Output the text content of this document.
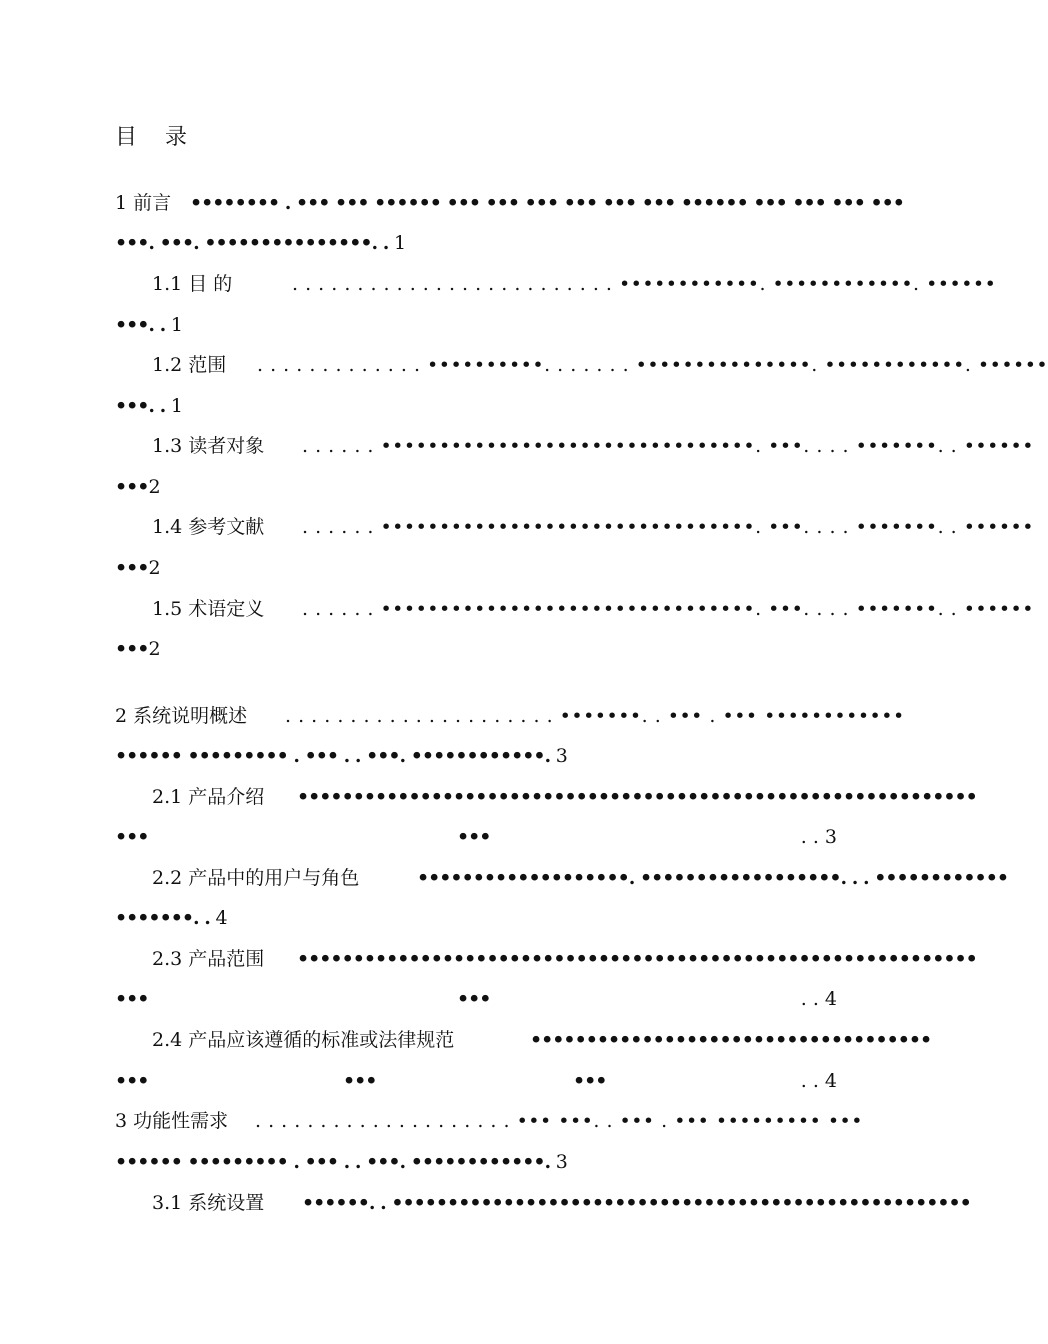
目    录
1 前言 •••••••• . ••• ••• •••••• ••• ••• ••• ••• ••• ••• •••••• ••• ••• ••• •••
•••. •••. •••••••••••••••. . 1
1.1 目 的	. . . . . . . . . . . . . . . . . . . . . . . . . ••••••••••••. ••••••••••••. ••••••
•••. . 1
1.2 范围 . . . . . . . . . . . . . ••••••••••. . . . . . . •••••••••••••••. ••••••••••••. ••••••
•••. . 1
1.3 读者对象 . . . . . . ••••••••••••••••••••••••••••••••. •••. . . . •••••••. . ••••••
•••2
1.4 参考文献 . . . . . . ••••••••••••••••••••••••••••••••. •••. . . . •••••••. . ••••••
•••2
1.5 术语定义 . . . . . . ••••••••••••••••••••••••••••••••. •••. . . . •••••••. . ••••••
•••2
2 系统说明概述 . . . . . . . . . . . . . . . . . . . . . •••••••. . ••• . ••• ••••••••••••
•••••• ••••••••• . ••• . . •••. ••••••••••••. 3
2.1 产品介绍 •••••••••••••••••••••••••••••••••••••••••••••••••••••••••••••
•••	•••	. . 3
2.2 产品中的用户与角色	•••••••••••••••••••. ••••••••••••••••••. . . ••••••••••••
•••••••. . 4
2.3 产品范围 •••••••••••••••••••••••••••••••••••••••••••••••••••••••••••••
•••	•••	. . 4
2.4 产品应该遵循的标准或法律规范	••••••••••••••••••••••••••••••••••••
•••	•••	•••	. . 4
3 功能性需求 . . . . . . . . . . . . . . . . . . . . ••• •••. . ••• . ••• ••••••••• •••
•••••• ••••••••• . ••• . . •••. ••••••••••••. 3
3.1 系统设置 ••••••. . ••••••••••••••••••••••••••••••••••••••••••••••••••••
